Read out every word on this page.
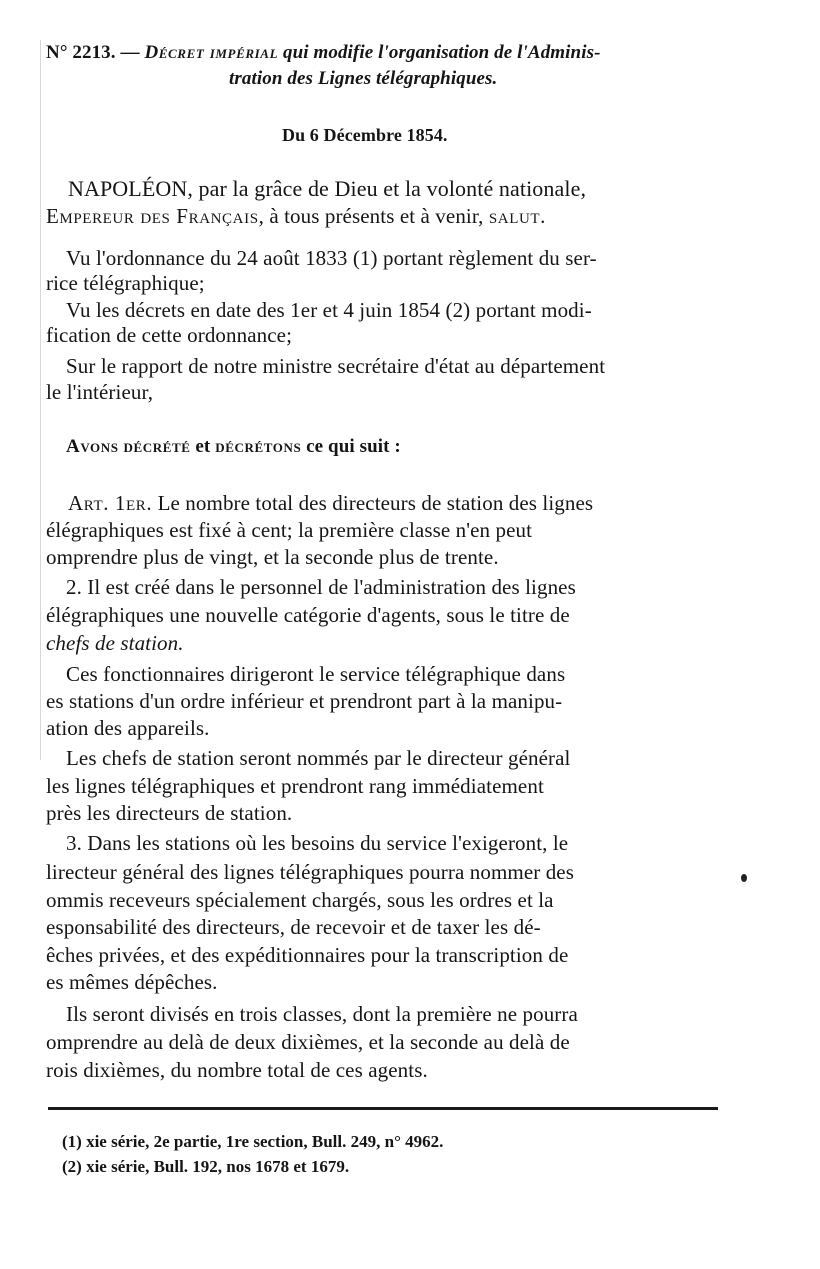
N° 2213. — Décret impérial qui modifie l'organisation de l'Adminis-
tration des Lignes télégraphiques.
Du 6 Décembre 1854.
NAPOLÉON, par la grâce de Dieu et la volonté nationale,
Empereur des Français, à tous présents et à venir, salut.
Vu l'ordonnance du 24 août 1833 (1) portant règlement du ser-
rice télégraphique;
Vu les décrets en date des 1er et 4 juin 1854 (2) portant modi-
fication de cette ordonnance;
Sur le rapport de notre ministre secrétaire d'état au département
le l'intérieur,
Avons décrété et décrétons ce qui suit :
Art. 1er. Le nombre total des directeurs de station des lignes
élégraphiques est fixé à cent; la première classe n'en peut
omprendre plus de vingt, et la seconde plus de trente.
2. Il est créé dans le personnel de l'administration des lignes
élégraphiques une nouvelle catégorie d'agents, sous le titre de
chefs de station.
Ces fonctionnaires dirigeront le service télégraphique dans
es stations d'un ordre inférieur et prendront part à la manipu-
ation des appareils.
Les chefs de station seront nommés par le directeur général
les lignes télégraphiques et prendront rang immédiatement
près les directeurs de station.
3. Dans les stations où les besoins du service l'exigeront, le
lirecteur général des lignes télégraphiques pourra nommer des
ommis receveurs spécialement chargés, sous les ordres et la
esponsabilité des directeurs, de recevoir et de taxer les dé-
êches privées, et des expéditionnaires pour la transcription de
es mêmes dépêches.
Ils seront divisés en trois classes, dont la première ne pourra
omprendre au delà de deux dixièmes, et la seconde au delà de
rois dixièmes, du nombre total de ces agents.
(1) xie série, 2e partie, 1re section, Bull. 249, n° 4962.
(2) xie série, Bull. 192, nos 1678 et 1679.
